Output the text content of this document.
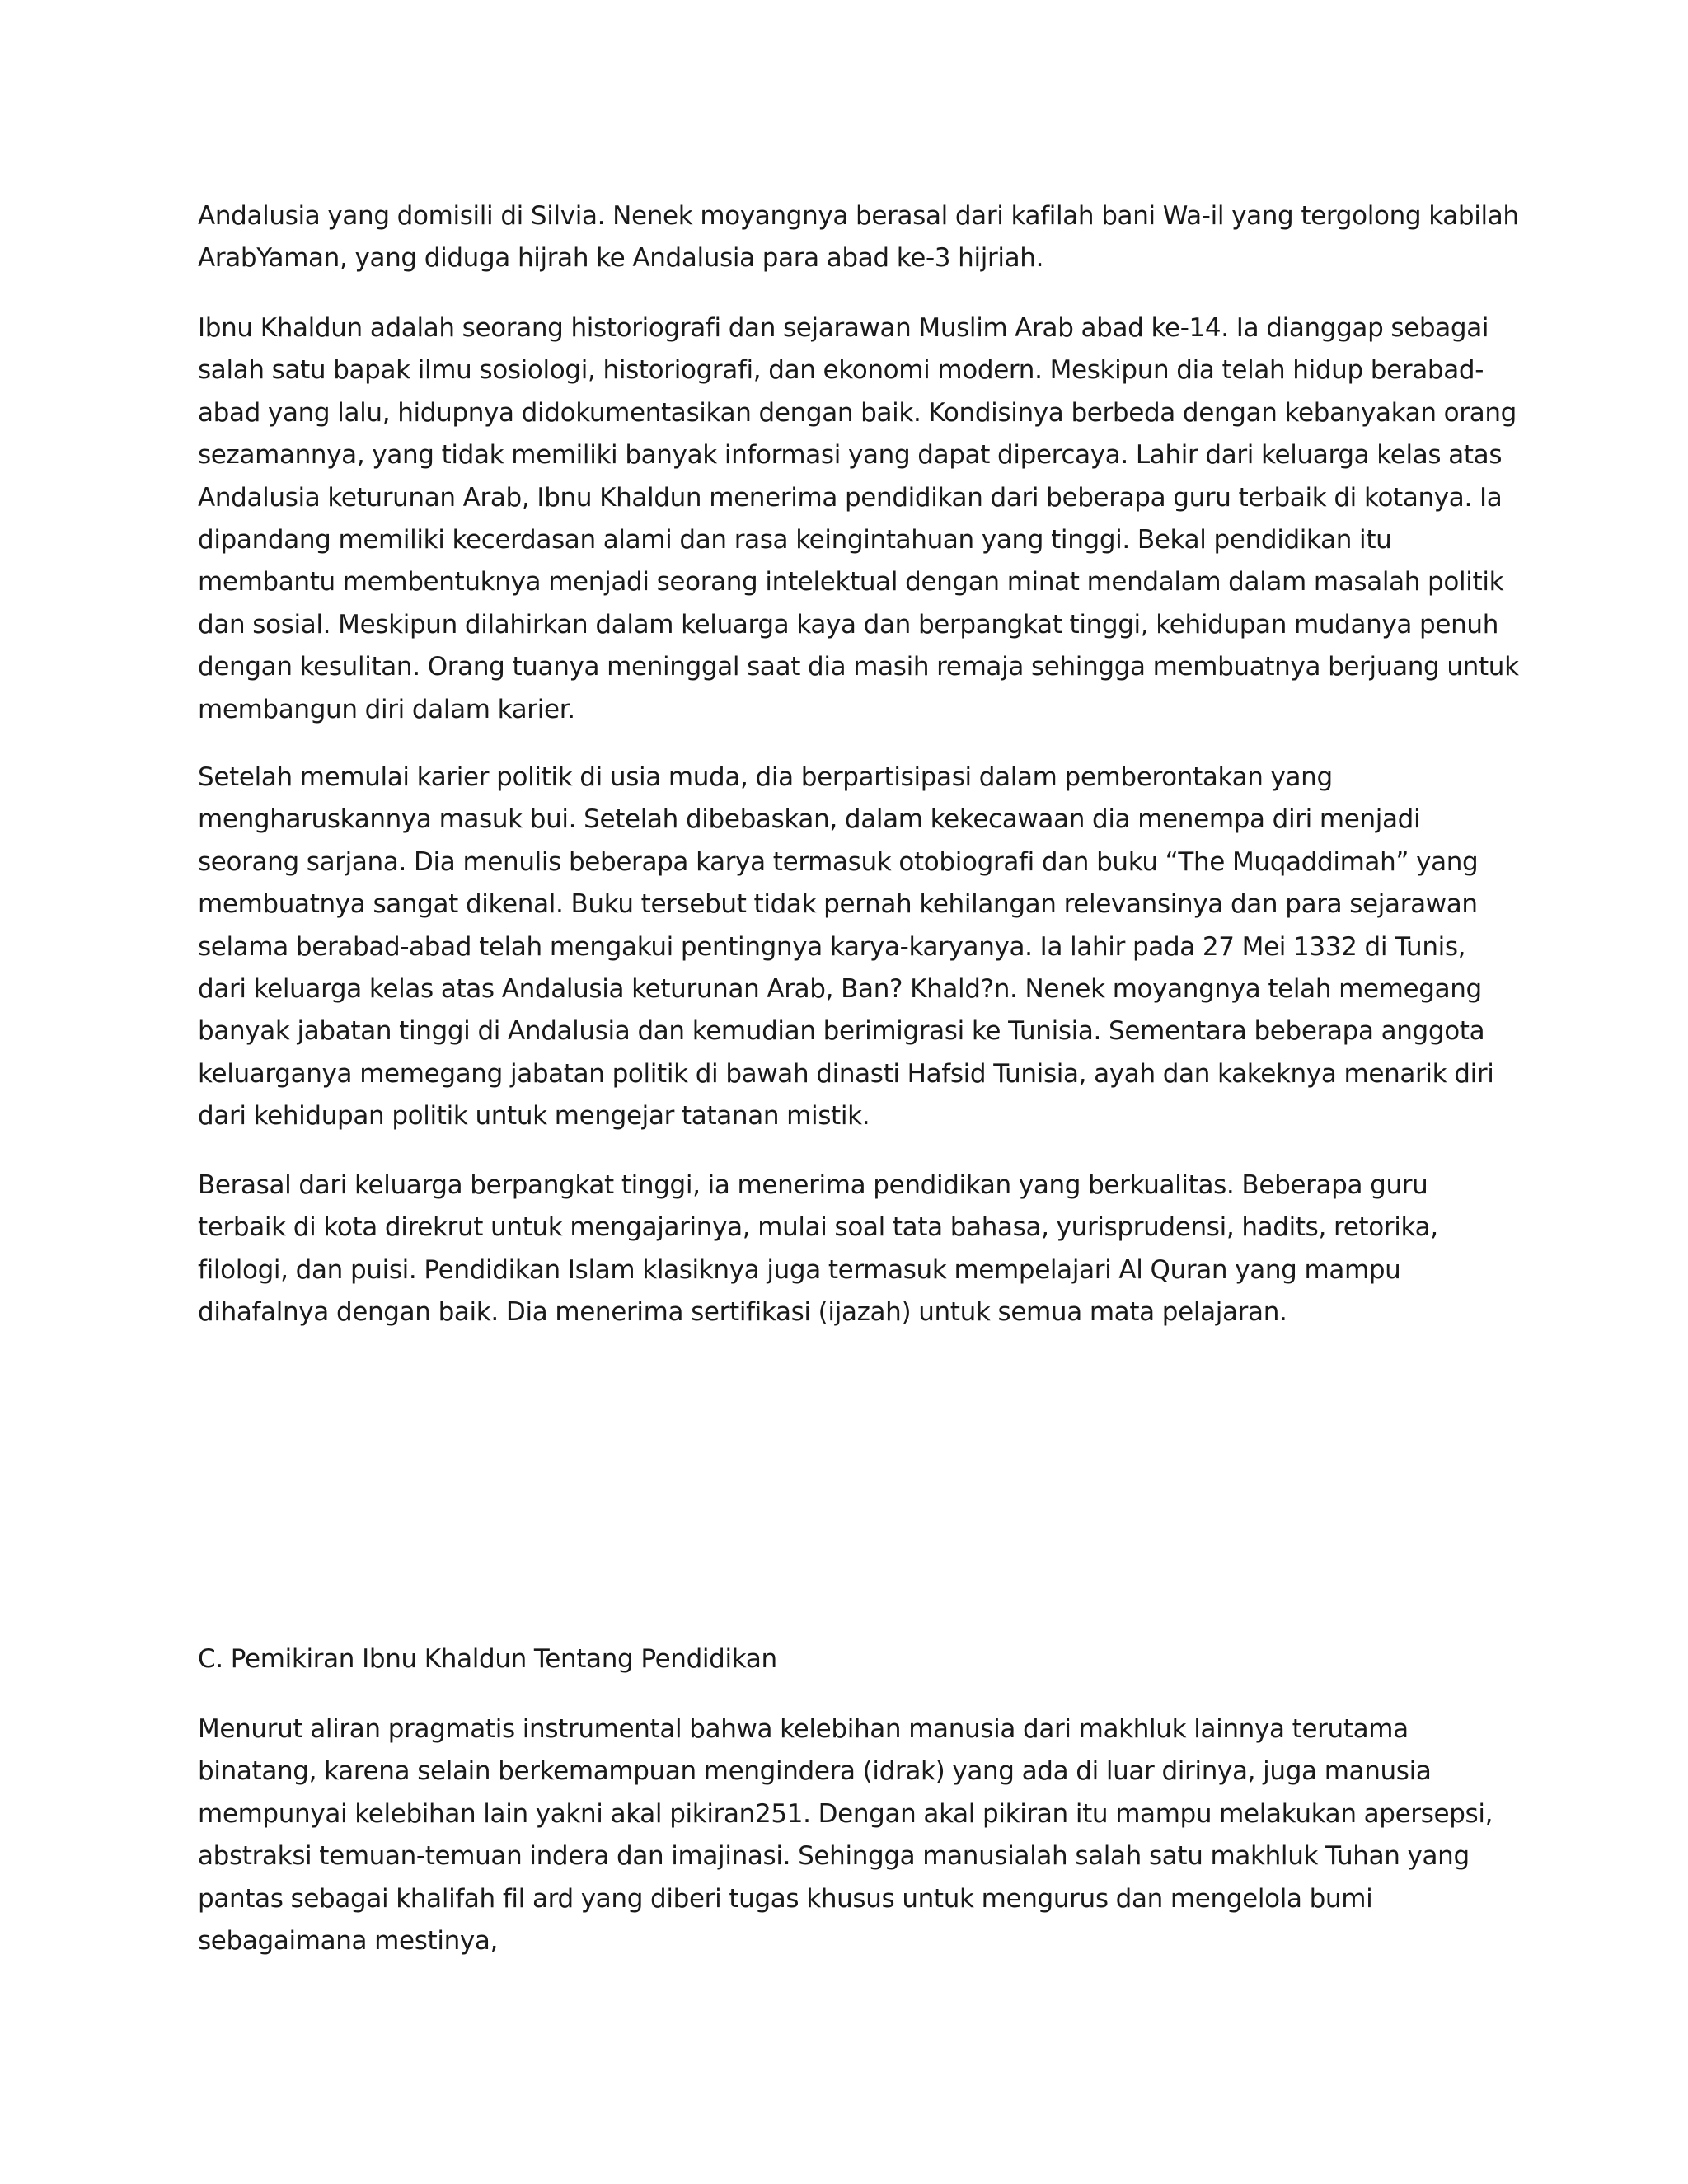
Andalusia yang domisili di Silvia. Nenek moyangnya berasal dari kafilah bani Wa-il yang tergolong kabilah
ArabYaman, yang diduga hijrah ke Andalusia para abad ke-3 hijriah.

Ibnu Khaldun adalah seorang historiografi dan sejarawan Muslim Arab abad ke-14. Ia dianggap sebagai
salah satu bapak ilmu sosiologi, historiografi, dan ekonomi modern. Meskipun dia telah hidup berabad-
abad yang lalu, hidupnya didokumentasikan dengan baik. Kondisinya berbeda dengan kebanyakan orang
sezamannya, yang tidak memiliki banyak informasi yang dapat dipercaya. Lahir dari keluarga kelas atas
Andalusia keturunan Arab, Ibnu Khaldun menerima pendidikan dari beberapa guru terbaik di kotanya. Ia
dipandang memiliki kecerdasan alami dan rasa keingintahuan yang tinggi. Bekal pendidikan itu
membantu membentuknya menjadi seorang intelektual dengan minat mendalam dalam masalah politik
dan sosial. Meskipun dilahirkan dalam keluarga kaya dan berpangkat tinggi, kehidupan mudanya penuh
dengan kesulitan. Orang tuanya meninggal saat dia masih remaja sehingga membuatnya berjuang untuk
membangun diri dalam karier.

Setelah memulai karier politik di usia muda, dia berpartisipasi dalam pemberontakan yang
mengharuskannya masuk bui. Setelah dibebaskan, dalam kekecawaan dia menempa diri menjadi
seorang sarjana. Dia menulis beberapa karya termasuk otobiografi dan buku “The Muqaddimah” yang
membuatnya sangat dikenal. Buku tersebut tidak pernah kehilangan relevansinya dan para sejarawan
selama berabad-abad telah mengakui pentingnya karya-karyanya. Ia lahir pada 27 Mei 1332 di Tunis,
dari keluarga kelas atas Andalusia keturunan Arab, Ban? Khald?n. Nenek moyangnya telah memegang
banyak jabatan tinggi di Andalusia dan kemudian berimigrasi ke Tunisia. Sementara beberapa anggota
keluarganya memegang jabatan politik di bawah dinasti Hafsid Tunisia, ayah dan kakeknya menarik diri
dari kehidupan politik untuk mengejar tatanan mistik.

Berasal dari keluarga berpangkat tinggi, ia menerima pendidikan yang berkualitas. Beberapa guru
terbaik di kota direkrut untuk mengajarinya, mulai soal tata bahasa, yurisprudensi, hadits, retorika,
filologi, dan puisi. Pendidikan Islam klasiknya juga termasuk mempelajari Al Quran yang mampu
dihafalnya dengan baik. Dia menerima sertifikasi (ijazah) untuk semua mata pelajaran.

C. Pemikiran Ibnu Khaldun Tentang Pendidikan

Menurut aliran pragmatis instrumental bahwa kelebihan manusia dari makhluk lainnya terutama
binatang, karena selain berkemampuan mengindera (idrak) yang ada di luar dirinya, juga manusia
mempunyai kelebihan lain yakni akal pikiran251. Dengan akal pikiran itu mampu melakukan apersepsi,
abstraksi temuan-temuan indera dan imajinasi. Sehingga manusialah salah satu makhluk Tuhan yang
pantas sebagai khalifah fil ard yang diberi tugas khusus untuk mengurus dan mengelola bumi
sebagaimana mestinya,
